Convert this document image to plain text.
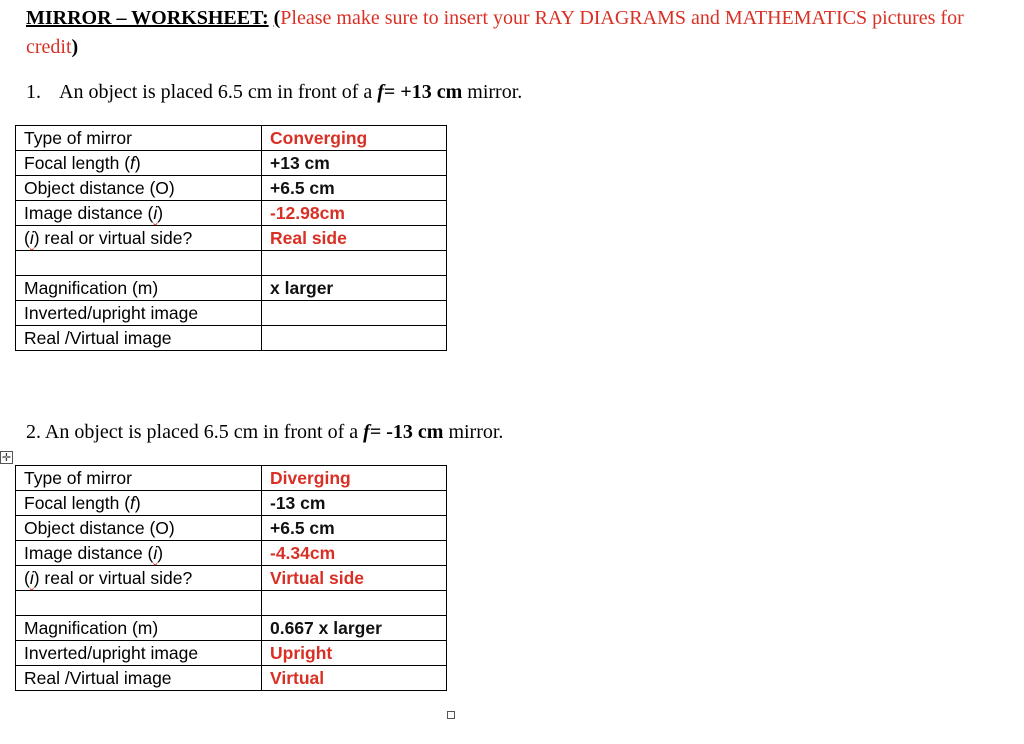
MIRROR – WORKSHEET: (Please make sure to insert your RAY DIAGRAMS and MATHEMATICS pictures for credit)
1. An object is placed 6.5 cm in front of a f= +13 cm mirror.
Type of mirror	Converging
Focal length (f)	+13 cm
Object distance (O)	+6.5 cm
Image distance (i)	-12.98cm
(i) real or virtual side?	Real side

Magnification (m)	x larger
Inverted/upright image	
Real /Virtual image	
2. An object is placed 6.5 cm in front of a f= -13 cm mirror.
✛
Type of mirror	Diverging
Focal length (f)	-13 cm
Object distance (O)	+6.5 cm
Image distance (i)	-4.34cm
(i) real or virtual side?	Virtual side

Magnification (m)	0.667 x larger
Inverted/upright image	Upright
Real /Virtual image	Virtual
